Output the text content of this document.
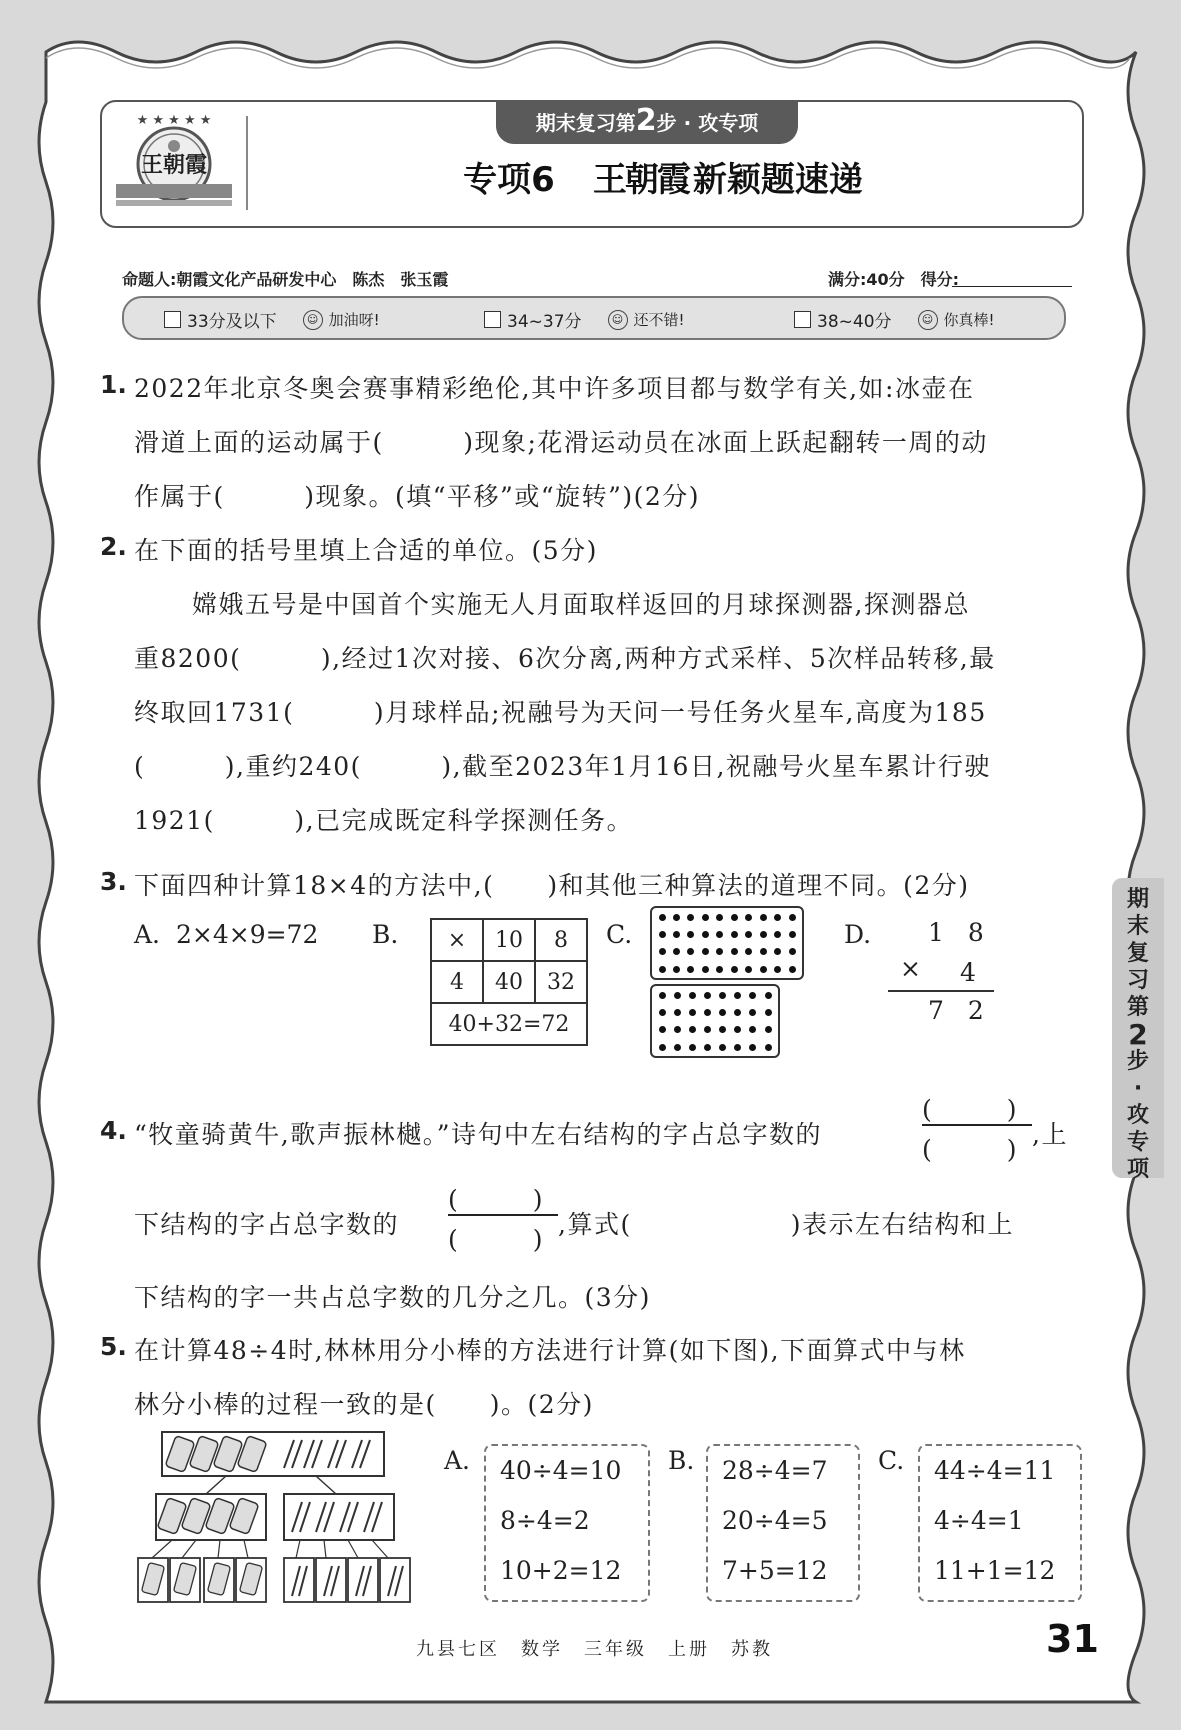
★ ★ ★ ★ ★
王朝霞
期末复习第2步 · 攻专项
专项6　 王朝霞 新颖题速递
命题人:朝霞文化产品研发中心　陈杰　张玉霞	满分:40分　得分:
33分及以下	☺ 加油呀!	34~37分	☺ 还不错!	38~40分	☺ 你真棒!
1. 2022年北京冬奥会赛事精彩绝伦,其中许多项目都与数学有关,如:冰壶在
滑道上面的运动属于(　　　)现象;花滑运动员在冰面上跃起翻转一周的动
作属于(　　　)现象。(填“平移”或“旋转”)(2分)
2. 在下面的括号里填上合适的单位。(5分)
嫦娥五号是中国首个实施无人月面取样返回的月球探测器,探测器总
重8200(　　　),经过1次对接、6次分离,两种方式采样、5次样品转移,最
终取回1731(　　　)月球样品;祝融号为天问一号任务火星车,高度为185
(　　　),重约240(　　　),截至2023年1月16日,祝融号火星车累计行驶
1921(　　　),已完成既定科学探测任务。
3. 下面四种计算18×4的方法中,(　　)和其他三种算法的道理不同。(2分)
A. 2×4×9=72 B. ×	10	8
4	40	32
40+32=72		
C.	D. 1 8
× 4
7 2
4. “牧童骑黄牛,歌声振林樾。”诗句中左右结构的字占总字数的
(　　　)
(　　　)
,上
下结构的字占总字数的
(　　　)
(　　　)
,算式(　　　　　　)表示左右结构和上
下结构的字一共占总字数的几分之几。(3分)
5. 在计算48÷4时,林林用分小棒的方法进行计算(如下图),下面算式中与林
林分小棒的过程一致的是(　　)。(2分)
A. 40÷4=10
8÷4=2
10+2=12
B. 28÷4=7
20÷4=5
7+5=12
C. 44÷4=11
4÷4=1
11+1=12
期
末
复
习
第
2
步
·
攻
专
项
九县七区　数学　三年级　上册　苏教	31
